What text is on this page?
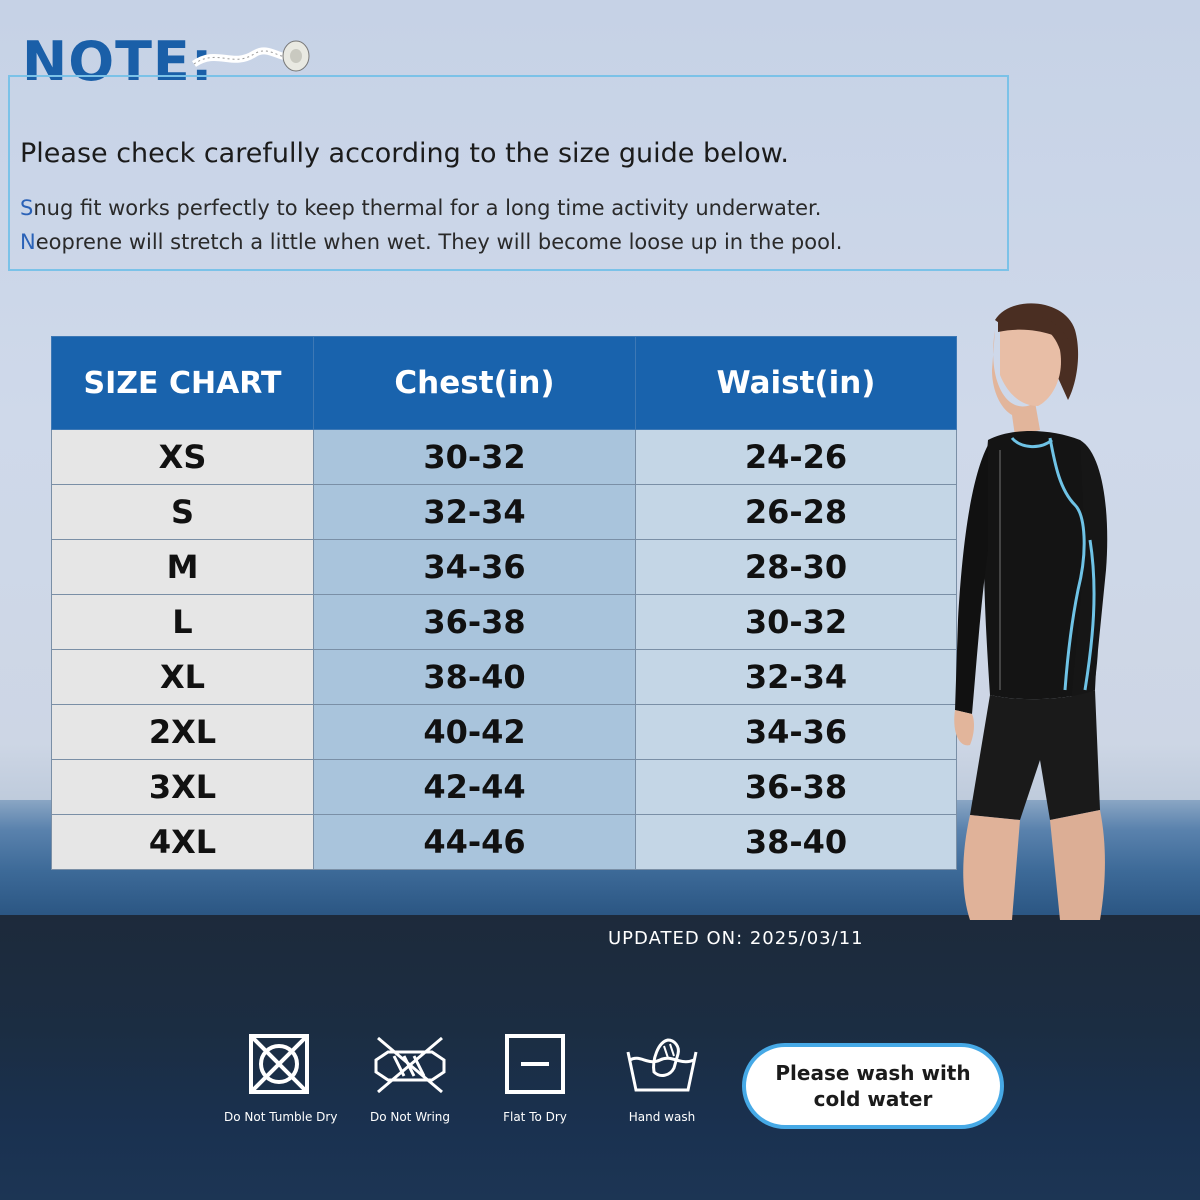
NOTE:

Please check carefully according to the size guide below.

Snug fit works perfectly to keep thermal for a long time activity underwater.

Neoprene will stretch a little when wet. They will become loose up in the pool.

SIZE CHART	Chest(in)	Waist(in)
XS	30-32	24-26
S	32-34	26-28
M	34-36	28-30
L	36-38	30-32
XL	38-40	32-34
2XL	40-42	34-36
3XL	42-44	36-38
4XL	44-46	38-40

UPDATED ON: 2025/03/11

Do Not Tumble Dry	Do Not Wring	Flat To Dry	Hand wash
Please wash with cold water
